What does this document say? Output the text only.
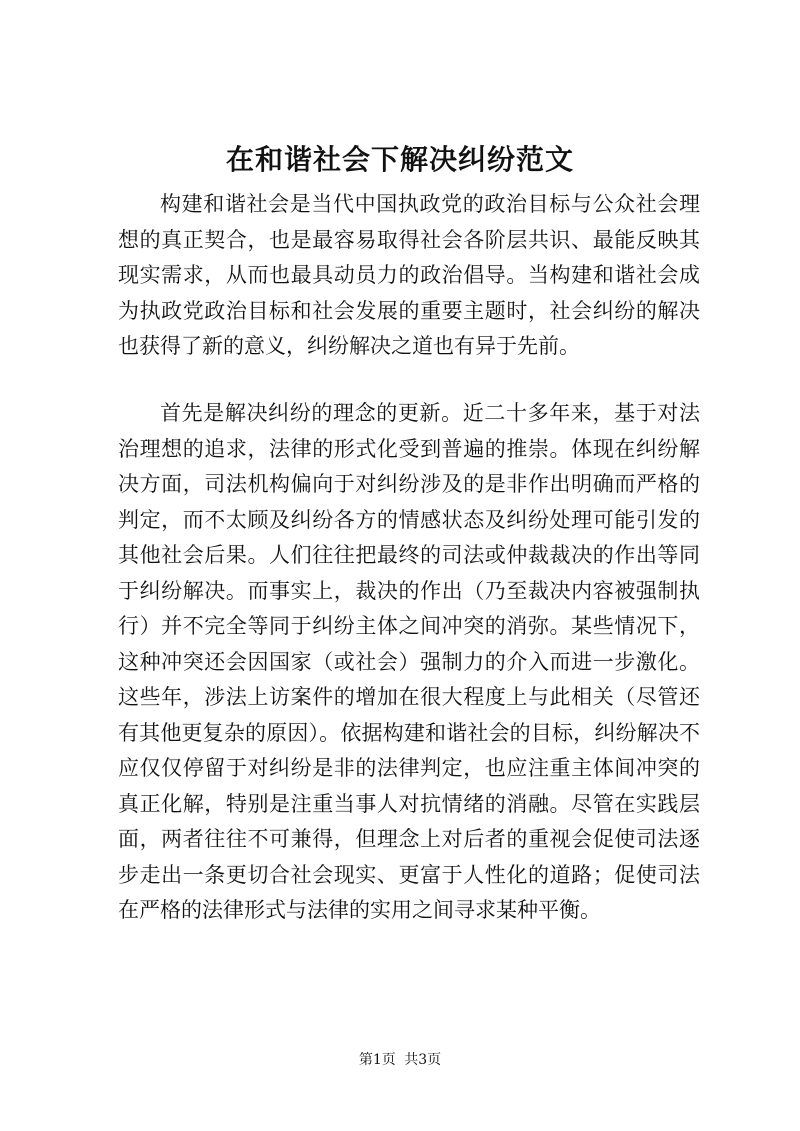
在和谐社会下解决纠纷范文

构建和谐社会是当代中国执政党的政治目标与公众社会理想的真正契合，也是最容易取得社会各阶层共识、最能反映其现实需求，从而也最具动员力的政治倡导。当构建和谐社会成为执政党政治目标和社会发展的重要主题时，社会纠纷的解决也获得了新的意义，纠纷解决之道也有异于先前。

首先是解决纠纷的理念的更新。近二十多年来，基于对法治理想的追求，法律的形式化受到普遍的推崇。体现在纠纷解决方面，司法机构偏向于对纠纷涉及的是非作出明确而严格的判定，而不太顾及纠纷各方的情感状态及纠纷处理可能引发的其他社会后果。人们往往把最终的司法或仲裁裁决的作出等同于纠纷解决。而事实上，裁决的作出（乃至裁决内容被强制执行）并不完全等同于纠纷主体之间冲突的消弥。某些情况下，这种冲突还会因国家（或社会）强制力的介入而进一步激化。这些年，涉法上访案件的增加在很大程度上与此相关（尽管还有其他更复杂的原因）。依据构建和谐社会的目标，纠纷解决不应仅仅停留于对纠纷是非的法律判定，也应注重主体间冲突的真正化解，特别是注重当事人对抗情绪的消融。尽管在实践层面，两者往往不可兼得，但理念上对后者的重视会促使司法逐步走出一条更切合社会现实、更富于人性化的道路；促使司法在严格的法律形式与法律的实用之间寻求某种平衡。

第1页 共3页
